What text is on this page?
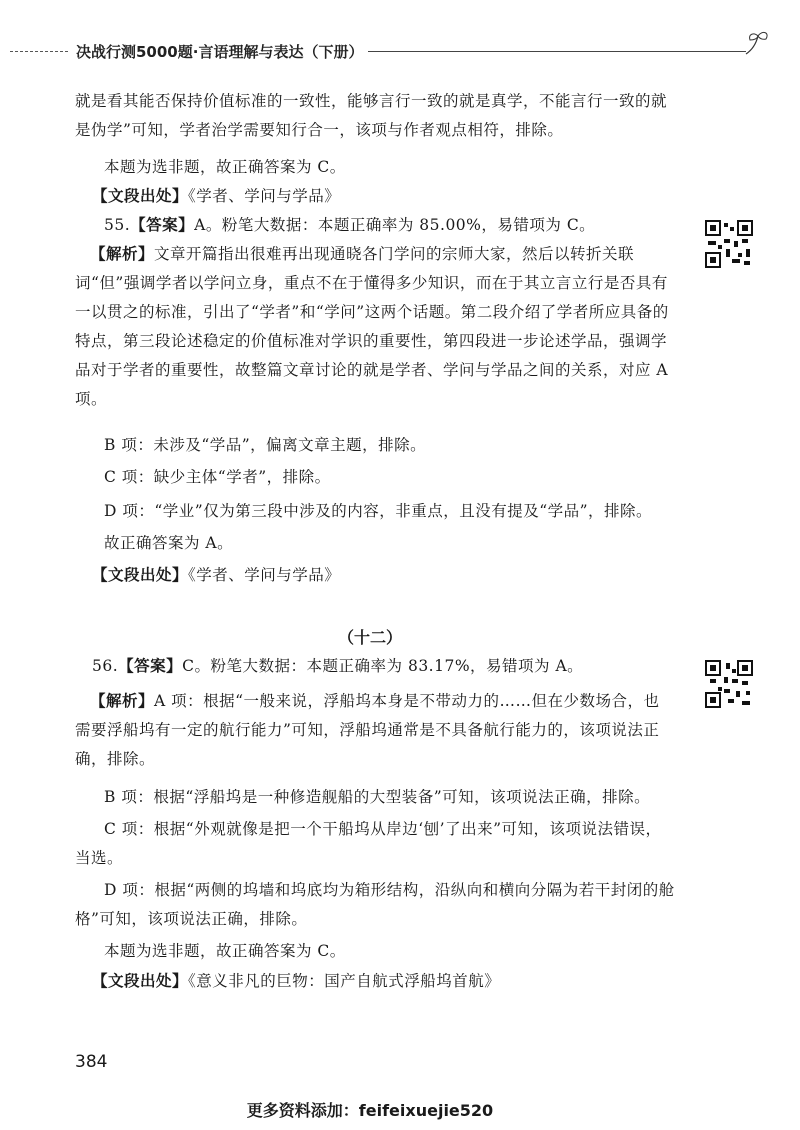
决战行测5000题·言语理解与表达（下册）
就是看其能否保持价值标准的一致性，能够言行一致的就是真学，不能言行一致的就是伪学”可知，学者治学需要知行合一，该项与作者观点相符，排除。
本题为选非题，故正确答案为 C。
【文段出处】《学者、学问与学品》
55.【答案】A。粉笔大数据：本题正确率为 85.00%，易错项为 C。
【解析】文章开篇指出很难再出现通晓各门学问的宗师大家，然后以转折关联词“但”强调学者以学问立身，重点不在于懂得多少知识，而在于其立言立行是否具有一以贯之的标准，引出了“学者”和“学问”这两个话题。第二段介绍了学者所应具备的特点，第三段论述稳定的价值标准对学识的重要性，第四段进一步论述学品，强调学品对于学者的重要性，故整篇文章讨论的就是学者、学问与学品之间的关系，对应 A 项。
B 项：未涉及“学品”，偏离文章主题，排除。
C 项：缺少主体“学者”，排除。
D 项：“学业”仅为第三段中涉及的内容，非重点，且没有提及“学品”，排除。
故正确答案为 A。
【文段出处】《学者、学问与学品》
（十二）
56.【答案】C。粉笔大数据：本题正确率为 83.17%，易错项为 A。
【解析】A 项：根据“一般来说，浮船坞本身是不带动力的……但在少数场合，也需要浮船坞有一定的航行能力”可知，浮船坞通常是不具备航行能力的，该项说法正确，排除。
B 项：根据“浮船坞是一种修造舰船的大型装备”可知，该项说法正确，排除。
C 项：根据“外观就像是把一个干船坞从岸边‘刨’了出来”可知，该项说法错误，当选。
D 项：根据“两侧的坞墙和坞底均为箱形结构，沿纵向和横向分隔为若干封闭的舱格”可知，该项说法正确，排除。
本题为选非题，故正确答案为 C。
【文段出处】《意义非凡的巨物：国产自航式浮船坞首航》
384
更多资料添加：feifeixuejie520
